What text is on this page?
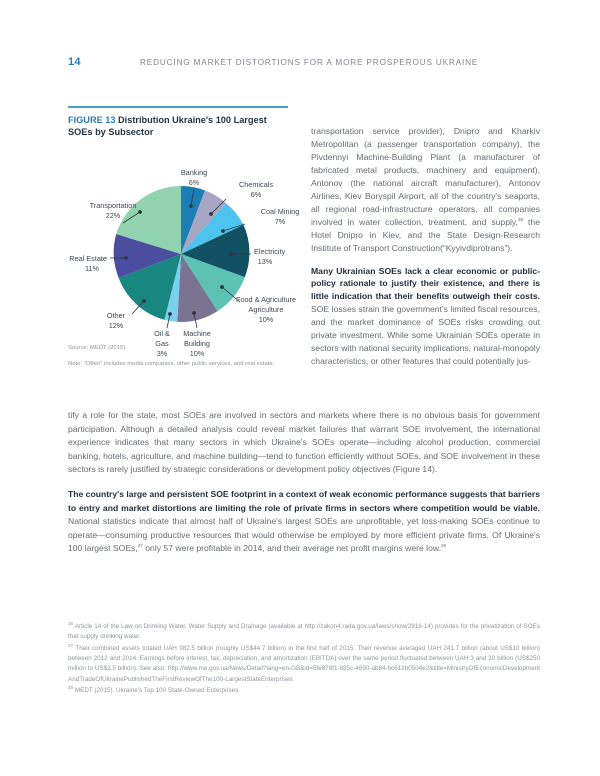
14	REDUCING MARKET DISTORTIONS FOR A MORE PROSPEROUS UKRAINE
FIGURE 13 Distribution Ukraine's 100 Largest SOEs by Subsector
Banking
6%	Chemicals
6%
Coal Mining
7%
Electricity
13%
Food & Agriculture
Agriculture
10%
Machine
Building
10%
Oil &
Gas
3%
Other
12%
Real Estate
11%
Transportation
22%
Source: MEDT (2015).
Note: “Other” includes media companies, other public services, and real estate.

transportation service provider), Dnipro and Kharkiv Metropolitan (a passenger transportation company), the Pivdennyi Machine-Building Plant (a manufacturer of fabricated metal products, machinery and equipment), Antonov (the national aircraft manufacturer), Antonov Airlines, Kiev Boryspil Airport, all of the country's seaports, all regional road-infrastructure operators, all companies involved in water collection, treatment, and supply,$^{26}$ the Hotel Dnipro in Kiev, and the State Design-Research Institute of Transport Construction(“Kyyivdiprotrans”).

Many Ukrainian SOEs lack a clear economic or public-policy rationale to justify their existence, and there is little indication that their benefits outweigh their costs. SOE losses strain the government's limited fiscal resources, and the market dominance of SOEs risks crowding out private investment. While some Ukrainian SOEs operate in sectors with national security implications, natural-monopoly characteristics, or other features that could potentially jus-

tify a role for the state, most SOEs are involved in sectors and markets where there is no obvious basis for government participation. Although a detailed analysis could reveal market failures that warrant SOE involvement, the international experience indicates that many sectors in which Ukraine's SOEs operate—including alcohol production, commercial banking, hotels, agriculture, and machine building—tend to function efficiently without SOEs, and SOE involvement in these sectors is rarely justified by strategic considerations or development policy objectives (Figure 14).

The country's large and persistent SOE footprint in a context of weak economic performance suggests that barriers to entry and market distortions are limiting the role of private firms in sectors where competition would be viable. National statistics indicate that almost half of Ukraine's largest SOEs are unprofitable, yet loss-making SOEs continue to operate—consuming productive resources that would otherwise be employed by more efficient private firms. Of Ukraine's 100 largest SOEs,$^{27}$ only 57 were profitable in 2014, and their average net profit margins were low.$^{28}$

$^{26}$ Article 14 of the Law on Drinking Water, Water Supply and Drainage (available at http://zakon4.rada.gov.ua/laws/show/2918-14) provides for the privatization of SOEs that supply drinking water.

$^{27}$ Their combined assets totaled UAH 982.5 billion (roughly US$44.7 billion) in the first half of 2015. Their revenue averaged UAH 241.7 billion (about US$10 billion) between 2012 and 2014. Earnings before interest, tax, depreciation, and amortization (EBITDA) over the same period fluctuated between UAH 3 and 30 billion (US$250 million to US$2.5 billion). See also: http://www.me.gov.ua/News/Detail?lang=en-GB&id=5fe878f1-885c-4690-ab84-6c612b0504e2&title=MinistryOfEconomicDevelopmentAndTradeOfUkrainePublishedTheFirstReviewOfThe100-LargestStateEnterprises

$^{28}$ MEDT (2015). Ukraine's Top 100 State-Owned Enterprises.
